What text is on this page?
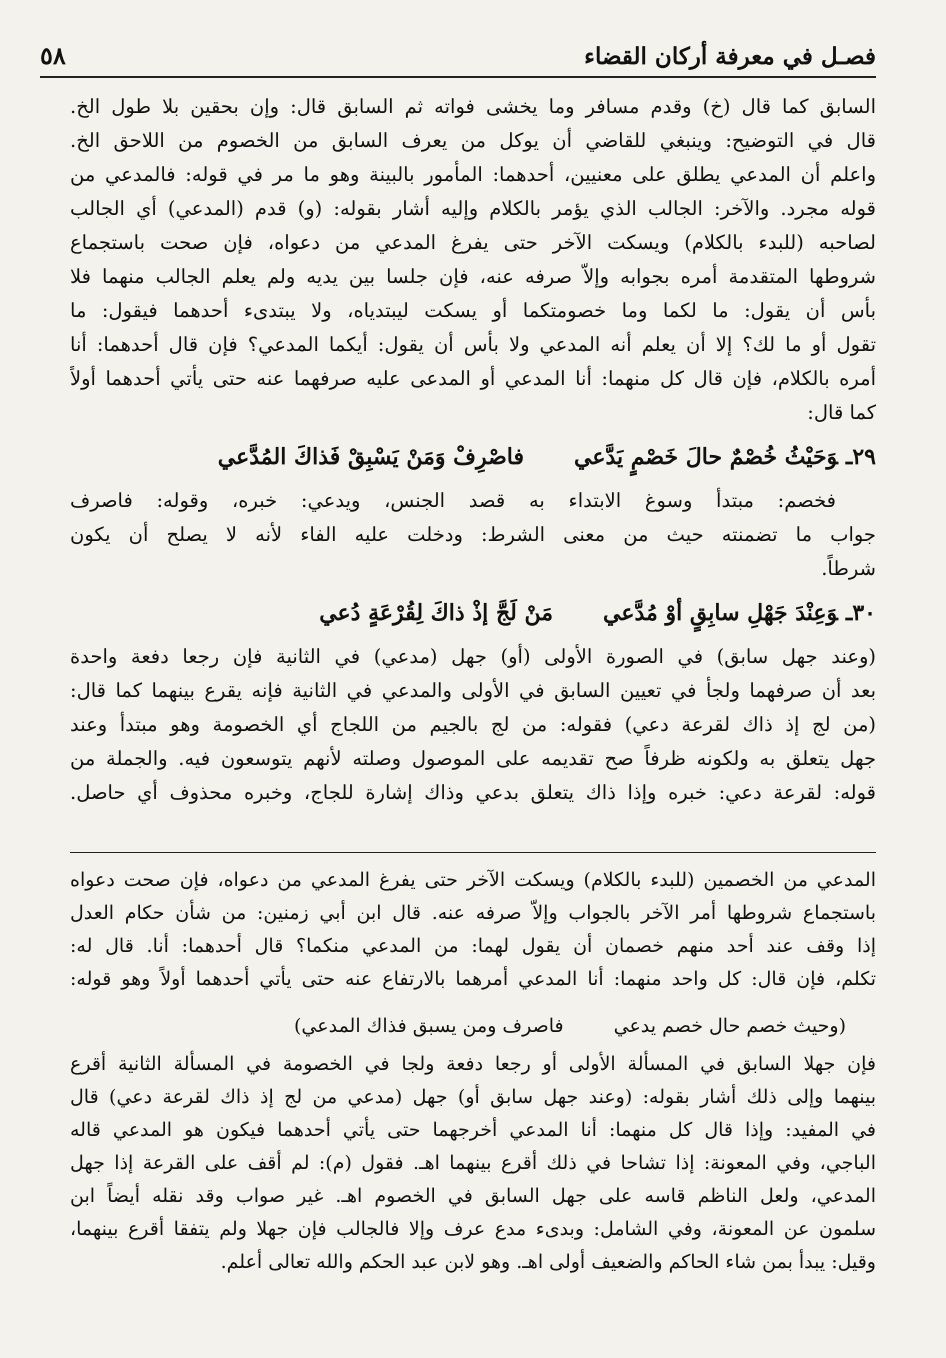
فصـل في معرفة أركان القضاء
٥٨
السابق كما قال (خ) وقدم مسافر وما يخشى فواته ثم السابق قال: وإن بحقين بلا طول الخ.
قال في التوضيح: وينبغي للقاضي أن يوكل من يعرف السابق من الخصوم من اللاحق الخ.
واعلم أن المدعي يطلق على معنيين، أحدهما: المأمور بالبينة وهو ما مر في قوله: فالمدعي من
قوله مجرد. والآخر: الجالب الذي يؤمر بالكلام وإليه أشار بقوله: (و) قدم (المدعي) أي الجالب
لصاحبه (للبدء بالكلام) ويسكت الآخر حتى يفرغ المدعي من دعواه، فإن صحت باستجماع
شروطها المتقدمة أمره بجوابه وإلاّ صرفه عنه، فإن جلسا بين يديه ولم يعلم الجالب منهما فلا
بأس أن يقول: ما لكما وما خصومتكما أو يسكت ليبتدياه، ولا يبتدىء أحدهما فيقول: ما
تقول أو ما لك؟ إلا أن يعلم أنه المدعي ولا بأس أن يقول: أيكما المدعي؟ فإن قال أحدهما: أنا
أمره بالكلام، فإن قال كل منهما: أنا المدعي أو المدعى عليه صرفهما عنه حتى يأتي أحدهما أولاً
كما قال:
٢٩ـوَحَيْثُ خُصْمٌ حالَ خَصْمٍ يَدَّعي
فاصْرِفْ وَمَنْ يَسْبِقْ فَذاكَ المُدَّعي
فخصم: مبتدأ وسوغ الابتداء به قصد الجنس، ويدعي: خبره، وقوله: فاصرف
جواب ما تضمنته حيث من معنى الشرط: ودخلت عليه الفاء لأنه لا يصلح أن يكون
شرطاً.
٣٠ـوَعِنْدَ جَهْلِ سابِقٍ أوْ مُدَّعي
مَنْ لَجَّ إذْ ذاكَ لِقُرْعَةٍ دُعي
(وعند جهل سابق) في الصورة الأولى (أو) جهل (مدعي) في الثانية فإن رجعا دفعة واحدة
بعد أن صرفهما ولجأ في تعيين السابق في الأولى والمدعي في الثانية فإنه يقرع بينهما كما قال:
(من لج إذ ذاك لقرعة دعي) فقوله: من لج بالجيم من اللجاج أي الخصومة وهو مبتدأ وعند
جهل يتعلق به ولكونه ظرفاً صح تقديمه على الموصول وصلته لأنهم يتوسعون فيه. والجملة من
قوله: لقرعة دعي: خبره وإذا ذاك يتعلق بدعي وذاك إشارة للجاج، وخبره محذوف أي حاصل.
المدعي من الخصمين (للبدء بالكلام) ويسكت الآخر حتى يفرغ المدعي من دعواه، فإن صحت دعواه
باستجماع شروطها أمر الآخر بالجواب وإلاّ صرفه عنه. قال ابن أبي زمنين: من شأن حكام العدل
إذا وقف عند أحد منهم خصمان أن يقول لهما: من المدعي منكما؟ قال أحدهما: أنا. قال له:
تكلم، فإن قال: كل واحد منهما: أنا المدعي أمرهما بالارتفاع عنه حتى يأتي أحدهما أولاً وهو قوله:
(وحيث خصم حال خصم يدعي
فاصرف ومن يسبق فذاك المدعي)
فإن جهلا السابق في المسألة الأولى أو رجعا دفعة ولجا في الخصومة في المسألة الثانية أقرع
بينهما وإلى ذلك أشار بقوله: (وعند جهل سابق أو) جهل (مدعي من لج إذ ذاك لقرعة دعي) قال
في المفيد: وإذا قال كل منهما: أنا المدعي أخرجهما حتى يأتي أحدهما فيكون هو المدعي قاله
الباجي، وفي المعونة: إذا تشاحا في ذلك أقرع بينهما اهـ. فقول (م): لم أقف على القرعة إذا جهل
المدعي، ولعل الناظم قاسه على جهل السابق في الخصوم اهـ. غير صواب وقد نقله أيضاً ابن
سلمون عن المعونة، وفي الشامل: وبدىء مدع عرف وإلا فالجالب فإن جهلا ولم يتفقا أقرع بينهما،
وقيل: يبدأ بمن شاء الحاكم والضعيف أولى اهـ. وهو لابن عبد الحكم والله تعالى أعلم.
